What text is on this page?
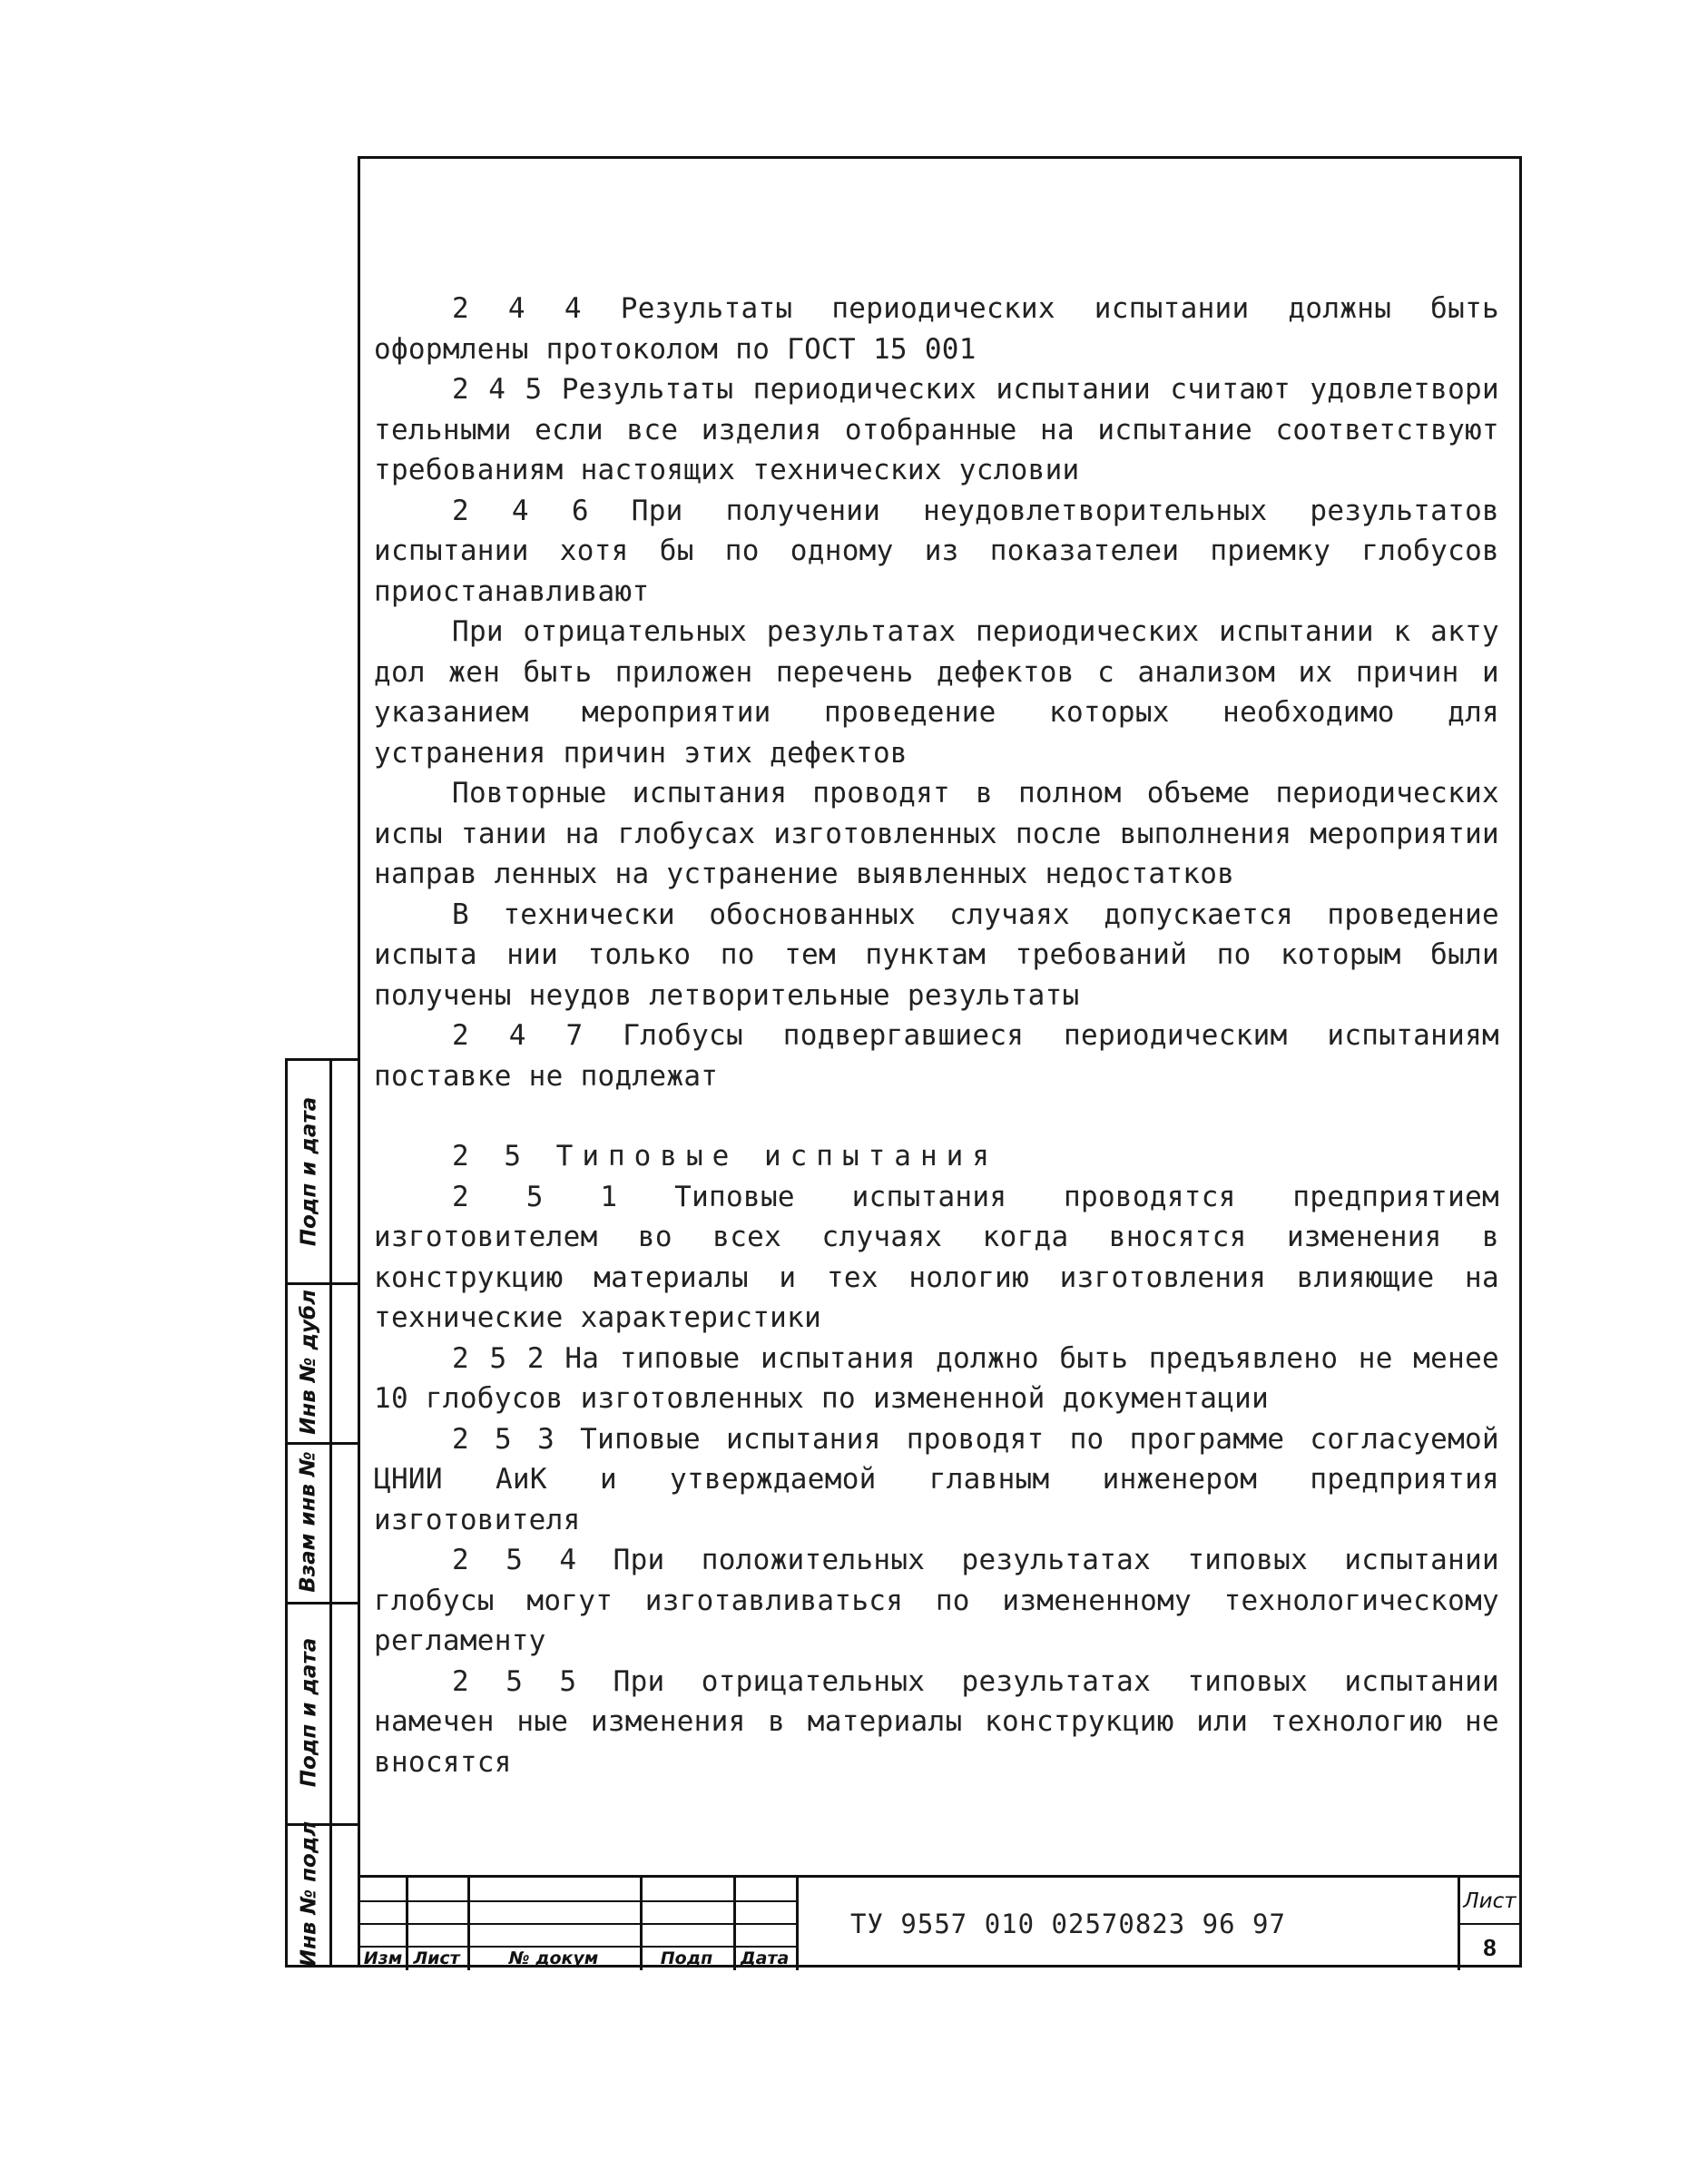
2 4 4 Результаты периодических испытании должны быть оформлены протоколом по ГОСТ 15 001

2 4 5 Результаты периодических испытании считают удовлетвори тельными если все изделия отобранные на испытание соответствуют требованиям настоящих технических условии

2 4 6 При получении неудовлетворительных результатов испытании хотя бы по одному из показателеи приемку глобусов приостанавливают

При отрицательных результатах периодических испытании к акту дол жен быть приложен перечень дефектов с анализом их причин и указанием мероприятии проведение которых необходимо для устранения причин этих дефектов

Повторные испытания проводят в полном объеме периодических испы тании на глобусах изготовленных после выполнения мероприятии направ ленных на устранение выявленных недостатков

В технически обоснованных случаях допускается проведение испыта нии только по тем пунктам требований по которым были получены неудов летворительные результаты

2 4 7 Глобусы подвергавшиеся периодическим испытаниям поставке не подлежат

2 5 Типовые испытания

2 5 1 Типовые испытания проводятся предприятием изготовителем во всех случаях когда вносятся изменения в конструкцию материалы и тех нологию изготовления влияющие на технические характеристики

2 5 2 На типовые испытания должно быть предъявлено не менее 10 глобусов изготовленных по измененной документации

2 5 3 Типовые испытания проводят по программе согласуемой ЦНИИ АиК и утверждаемой главным инженером предприятия изготовителя

2 5 4 При положительных результатах типовых испытании глобусы могут изготавливаться по измененному технологическому регламенту

2 5 5 При отрицательных результатах типовых испытании намечен ные изменения в материалы конструкцию или технологию не вносятся

Подп и дата
Инв № дубл
Взам инв №
Подп и дата
Инв № подл	Изм Лист	№ докум	Подп	Дата
ТУ 9557 010 02570823 96 97
Лист
8
